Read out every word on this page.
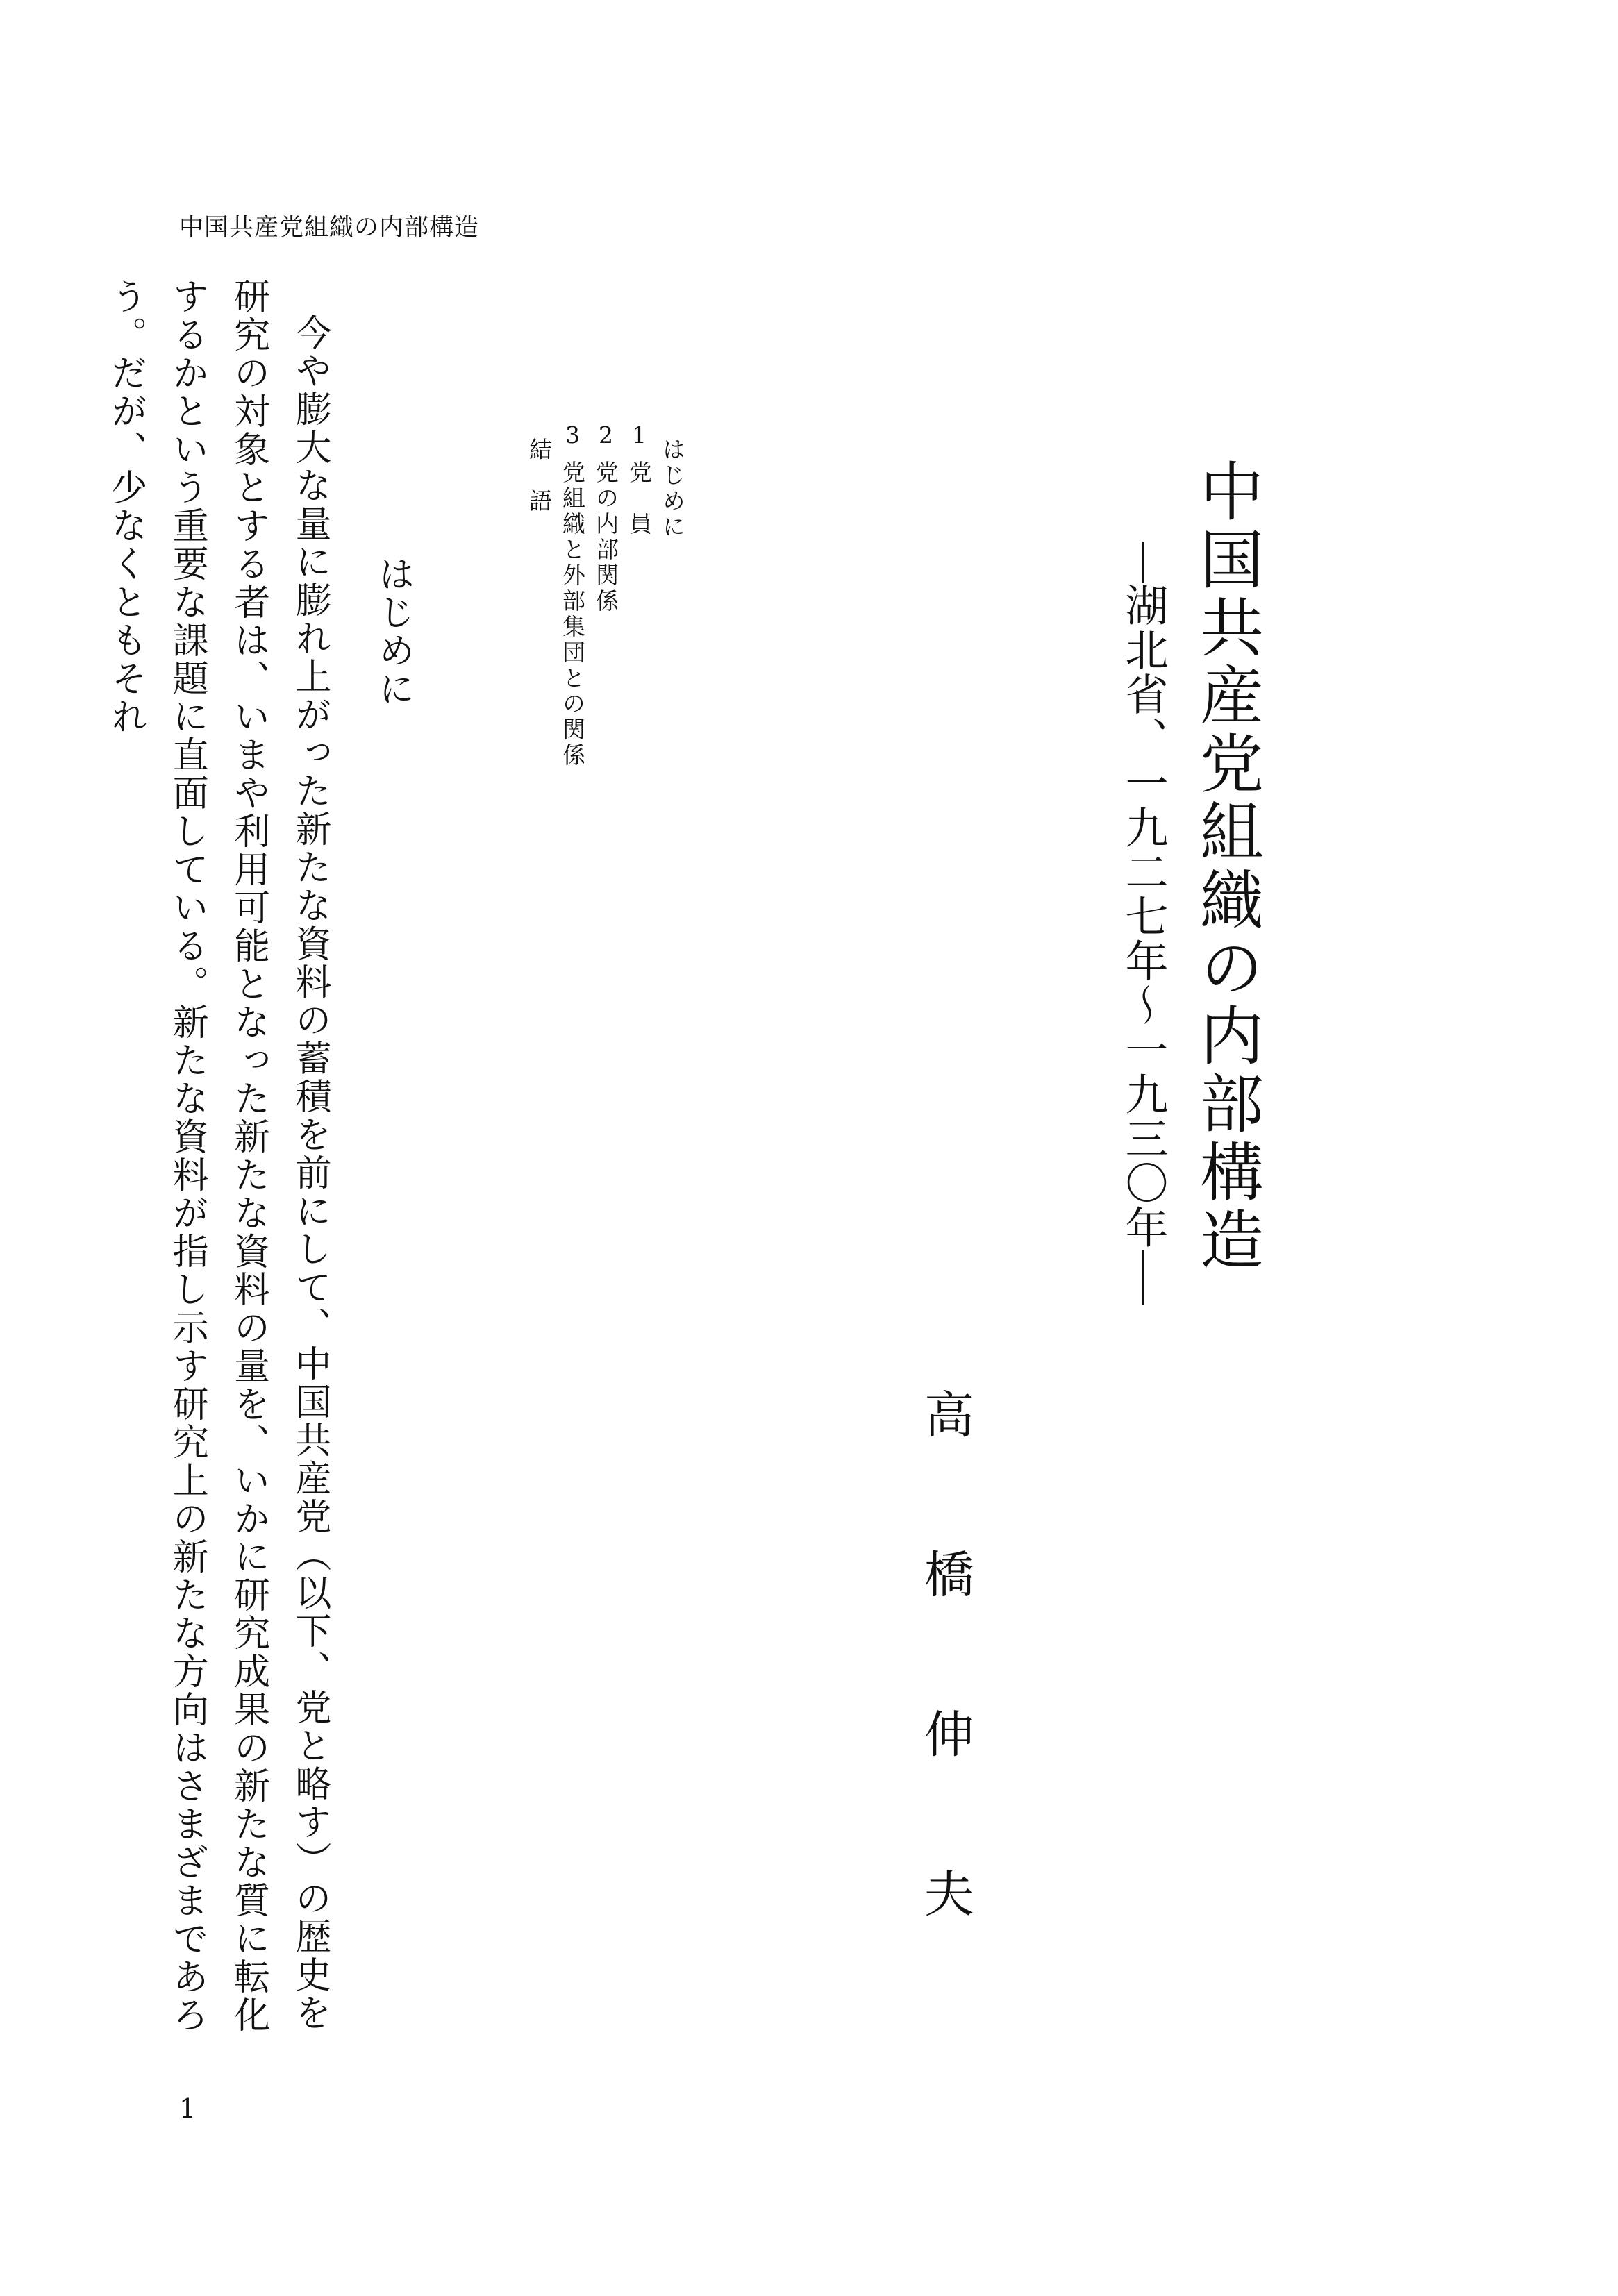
中国共産党組織の内部構造
中国共産党組織の内部構造
湖北省、一九二七年～一九三〇年
高
橋
伸
夫
はじめに
1
党　員
2
党の内部関係
3
党組織と外部集団との関係
結　語
はじめに

今や膨大な量に膨れ上がった新たな資料の蓄積を前にして、中国共産党（以下、党と略す）の歴史を研究の対象とする者は、いまや利用可能となった新たな資料の量を、いかに研究成果の新たな質に転化するかという重要な課題に直面している。新たな資料が指し示す研究上の新たな方向はさまざまであろう。だが、少なくともそれ

1
